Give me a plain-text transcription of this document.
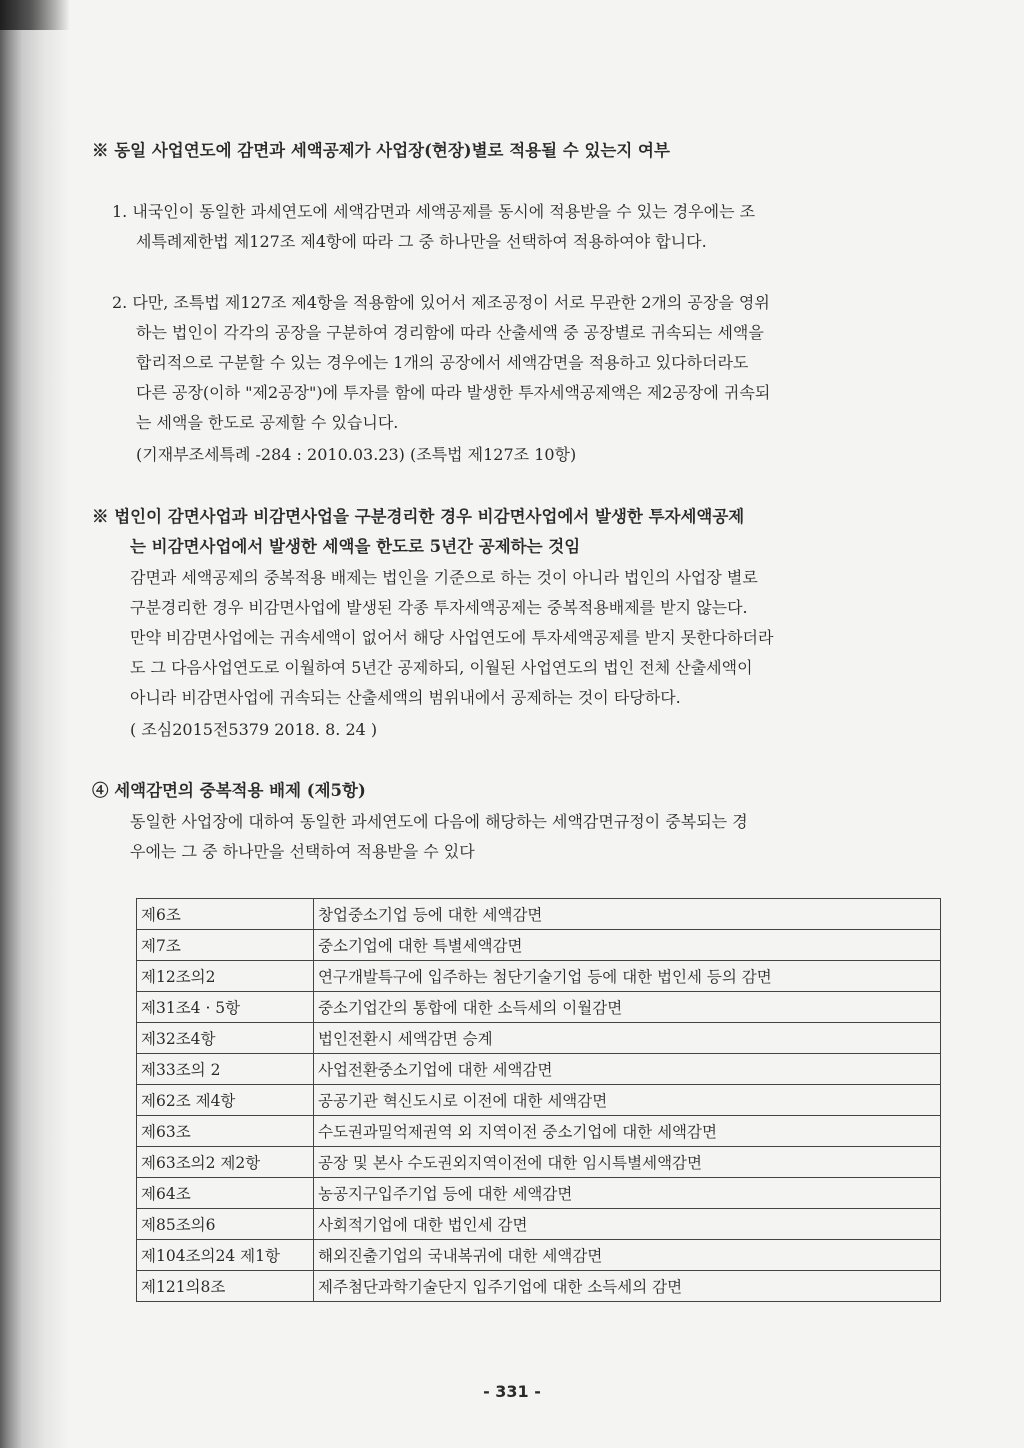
※ 동일 사업연도에 감면과 세액공제가 사업장(현장)별로 적용될 수 있는지 여부
1. 내국인이 동일한 과세연도에 세액감면과 세액공제를 동시에 적용받을 수 있는 경우에는 조
세특례제한법 제127조 제4항에 따라 그 중 하나만을 선택하여 적용하여야 합니다.
2. 다만, 조특법 제127조 제4항을 적용함에 있어서 제조공정이 서로 무관한 2개의 공장을 영위
하는 법인이 각각의 공장을 구분하여 경리함에 따라 산출세액 중 공장별로 귀속되는 세액을
합리적으로 구분할 수 있는 경우에는 1개의 공장에서 세액감면을 적용하고 있다하더라도
다른 공장(이하 "제2공장")에 투자를 함에 따라 발생한 투자세액공제액은 제2공장에 귀속되
는 세액을 한도로 공제할 수 있습니다.
(기재부조세특례 -284 : 2010.03.23) (조특법 제127조 10항)
※ 법인이 감면사업과 비감면사업을 구분경리한 경우 비감면사업에서 발생한 투자세액공제
는 비감면사업에서 발생한 세액을 한도로 5년간 공제하는 것임
감면과 세액공제의 중복적용 배제는 법인을 기준으로 하는 것이 아니라 법인의 사업장 별로
구분경리한 경우 비감면사업에 발생된 각종 투자세액공제는 중복적용배제를 받지 않는다.
만약 비감면사업에는 귀속세액이 없어서 해당 사업연도에 투자세액공제를 받지 못한다하더라
도 그 다음사업연도로 이월하여 5년간 공제하되, 이월된 사업연도의 법인 전체 산출세액이
아니라 비감면사업에 귀속되는 산출세액의 범위내에서 공제하는 것이 타당하다.
( 조심2015전5379 2018. 8. 24 )
④ 세액감면의 중복적용 배제 (제5항)
동일한 사업장에 대하여 동일한 과세연도에 다음에 해당하는 세액감면규정이 중복되는 경
우에는 그 중 하나만을 선택하여 적용받을 수 있다
제6조	창업중소기업 등에 대한 세액감면
제7조	중소기업에 대한 특별세액감면
제12조의2	연구개발특구에 입주하는 첨단기술기업 등에 대한 법인세 등의 감면
제31조4 · 5항	중소기업간의 통합에 대한 소득세의 이월감면
제32조4항	법인전환시 세액감면 승계
제33조의 2	사업전환중소기업에 대한 세액감면
제62조 제4항	공공기관 혁신도시로 이전에 대한 세액감면
제63조	수도권과밀억제권역 외 지역이전 중소기업에 대한 세액감면
제63조의2 제2항	공장 및 본사 수도권외지역이전에 대한 임시특별세액감면
제64조	농공지구입주기업 등에 대한 세액감면
제85조의6	사회적기업에 대한 법인세 감면
제104조의24 제1항	해외진출기업의 국내복귀에 대한 세액감면
제121의8조	제주첨단과학기술단지 입주기업에 대한 소득세의 감면
- 331 -
